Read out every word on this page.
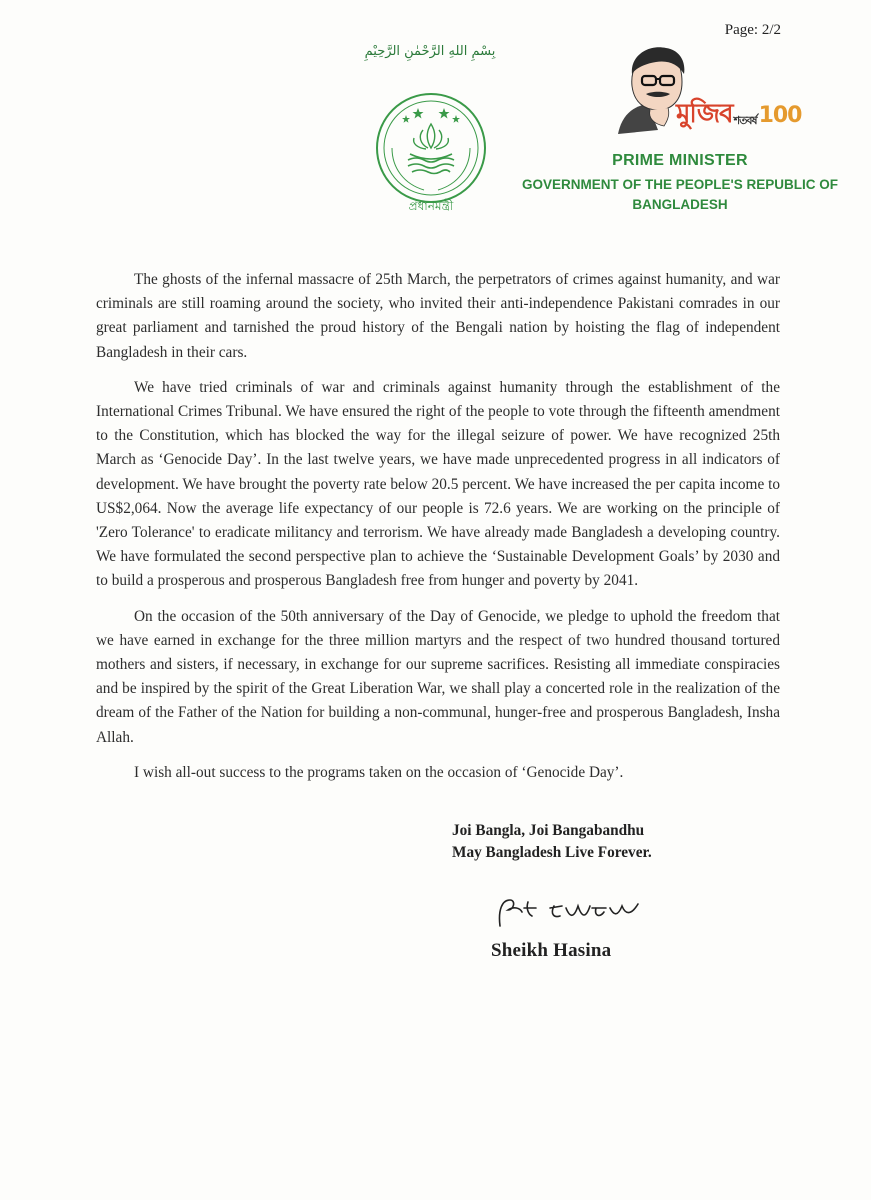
Page: 2/2
بِسْمِ اللهِ الرَّحْمٰنِ الرَّحِيْمِ
প্রধানমন্ত্রী
মুজিবশতবর্ষ100
PRIME MINISTER
GOVERNMENT OF THE PEOPLE'S REPUBLIC OF
BANGLADESH

The ghosts of the infernal massacre of 25th March, the perpetrators of crimes against humanity, and war criminals are still roaming around the society, who invited their anti-independence Pakistani comrades in our great parliament and tarnished the proud history of the Bengali nation by hoisting the flag of independent Bangladesh in their cars.

We have tried criminals of war and criminals against humanity through the establishment of the International Crimes Tribunal. We have ensured the right of the people to vote through the fifteenth amendment to the Constitution, which has blocked the way for the illegal seizure of power. We have recognized 25th March as ‘Genocide Day’. In the last twelve years, we have made unprecedented progress in all indicators of development. We have brought the poverty rate below 20.5 percent. We have increased the per capita income to US$2,064. Now the average life expectancy of our people is 72.6 years. We are working on the principle of 'Zero Tolerance' to eradicate militancy and terrorism. We have already made Bangladesh a developing country. We have formulated the second perspective plan to achieve the ‘Sustainable Development Goals’ by 2030 and to build a prosperous and prosperous Bangladesh free from hunger and poverty by 2041.

On the occasion of the 50th anniversary of the Day of Genocide, we pledge to uphold the freedom that we have earned in exchange for the three million martyrs and the respect of two hundred thousand tortured mothers and sisters, if necessary, in exchange for our supreme sacrifices. Resisting all immediate conspiracies and be inspired by the spirit of the Great Liberation War, we shall play a concerted role in the realization of the dream of the Father of the Nation for building a non-communal, hunger-free and prosperous Bangladesh, Insha Allah.

I wish all-out success to the programs taken on the occasion of ‘Genocide Day’.

Joi Bangla, Joi Bangabandhu
May Bangladesh Live Forever.
Sheikh Hasina
